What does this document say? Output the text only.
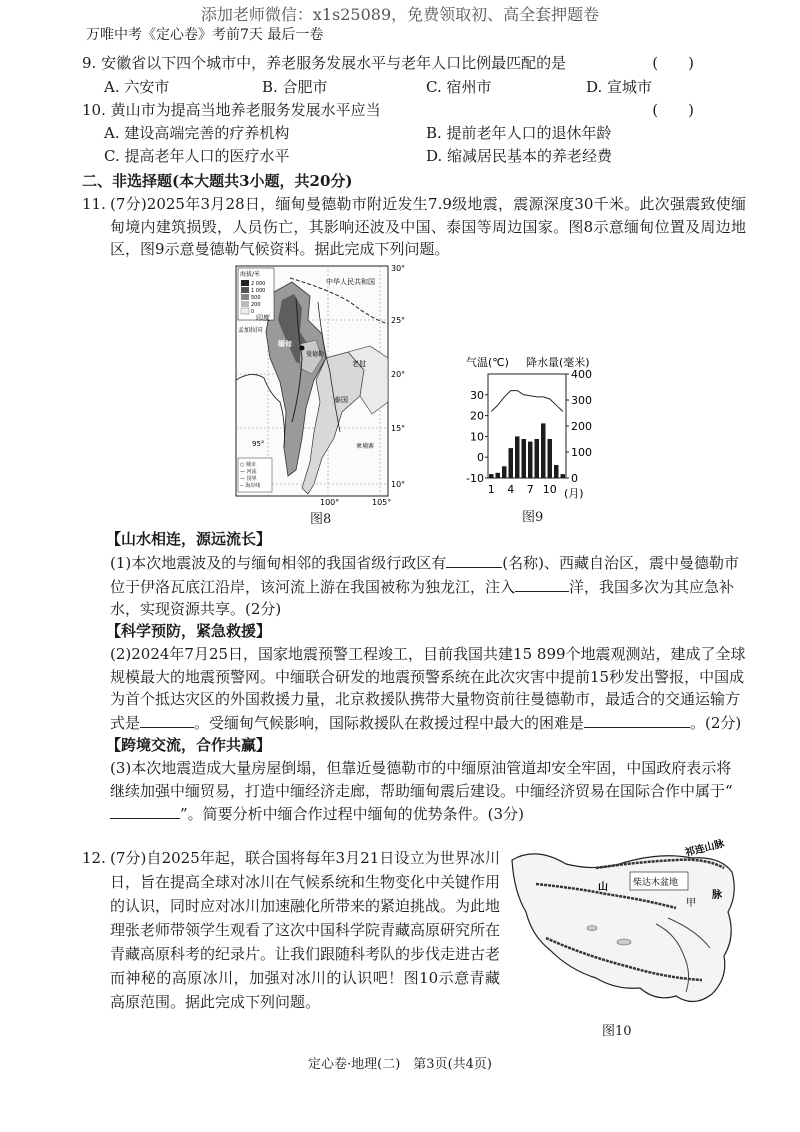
添加老师微信：x1s25089，免费领取初、高全套押题卷
万唯中考《定心卷》考前7天 最后一卷
9. 安徽省以下四个城市中，养老服务发展水平与老年人口比例最匹配的是	(　　)
A. 六安市	B. 合肥市	C. 宿州市	D. 宣城市
10. 黄山市为提高当地养老服务发展水平应当	(　　)
A. 建设高端完善的疗养机构	B. 提前老年人口的退休年龄
C. 提高老年人口的医疗水平	D. 缩减居民基本的养老经费
二、非选择题(本大题共3小题，共20分)
11. (7分)2025年3月28日，缅甸曼德勒市附近发生7.9级地震，震源深度30千米。此次强震致使缅甸境内建筑损毁，人员伤亡，其影响还波及中国、泰国等周边国家。图8示意缅甸位置及周边地区，图9示意曼德勒气候资料。据此完成下列问题。
海拔/米
2 000
1 000
500
200
0
中华人民共和国
缅甸
孟加拉国
印度
老挝
泰国
柬埔寨
曼德勒
○ 城市
— 河流
— 国界
-- 海岸线
95°
30°
25°
20°
15°
10°
100°	105°
图8
气温(℃) 降水量(毫米)
30
20
10
0
-10
400
300
200
100
0
1 4 7 10 (月)
图9
【山水相连，源远流长】
(1)本次地震波及的与缅甸相邻的我国省级行政区有	(名称)、西藏自治区，震中曼德勒市位于伊洛瓦底江沿岸，该河流上游在我国被称为独龙江，注入	洋，我国多次为其应急补水，实现资源共享。(2分)
【科学预防，紧急救援】
(2)2024年7月25日，国家地震预警工程竣工，目前我国共建15 899个地震观测站，建成了全球规模最大的地震预警网。中缅联合研发的地震预警系统在此次灾害中提前15秒发出警报，中国成为首个抵达灾区的外国救援力量，北京救援队携带大量物资前往曼德勒市，最适合的交通运输方式是	。受缅甸气候影响，国际救援队在救援过程中最大的困难是	。(2分)
【跨境交流，合作共赢】
(3)本次地震造成大量房屋倒塌，但靠近曼德勒市的中缅原油管道却安全牢固，中国政府表示将继续加强中缅贸易，打造中缅经济走廊，帮助缅甸震后建设。中缅经济贸易在国际合作中属于“”。简要分析中缅合作过程中缅甸的优势条件。(3分)
12. (7分)自2025年起，联合国将每年3月21日设立为世界冰川日，旨在提高全球对冰川在气候系统和生物变化中关键作用的认识，同时应对冰川加速融化所带来的紧迫挑战。为此地理张老师带领学生观看了这次中国科学院青藏高原研究所在青藏高原科考的纪录片。让我们跟随科考队的步伐走进古老而神秘的高原冰川，加强对冰川的认识吧！图10示意青藏高原范围。据此完成下列问题。
柴达木盆地
祁连山脉
甲
山
脉
图10
定心卷·地理(二)　第3页(共4页)
